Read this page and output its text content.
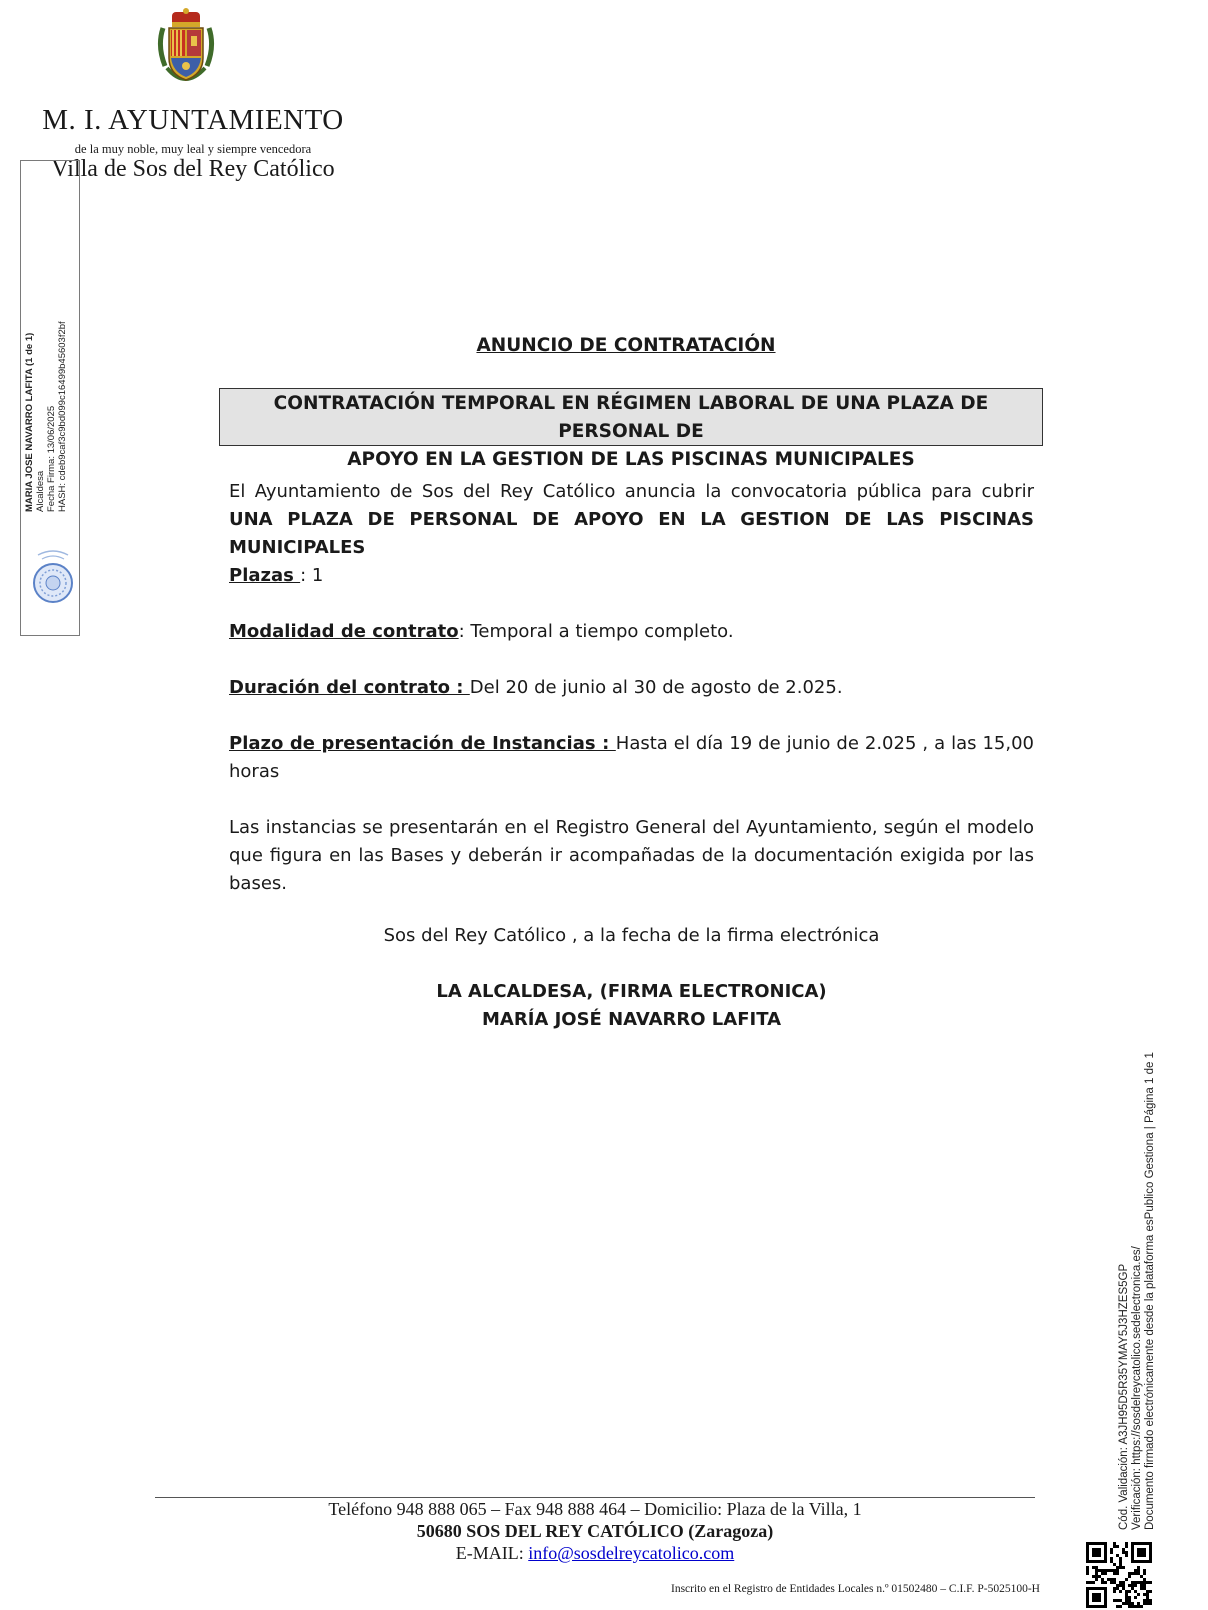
M. I. AYUNTAMIENTO
de la muy noble, muy leal y siempre vencedora
Villa de Sos del Rey Católico
MARIA JOSE NAVARRO LAFITA (1 de 1) Alcaldesa Fecha Firma: 13/06/2025 HASH: cdeb9caf3c9bd099c16499b45603f2bf	ANUNCIO DE CONTRATACIÓN
CONTRATACIÓN TEMPORAL EN RÉGIMEN LABORAL DE UNA PLAZA DE PERSONAL DE
APOYO EN LA GESTION DE LAS PISCINAS MUNICIPALES
El Ayuntamiento de Sos del Rey Católico anuncia la convocatoria pública para cubrir
UNA PLAZA DE PERSONAL DE APOYO EN LA GESTION DE LAS PISCINAS MUNICIPALES
Plazas : 1
Modalidad de contrato: Temporal a tiempo completo.
Duración del contrato : Del 20 de junio al 30 de agosto de 2.025.
Plazo de presentación de Instancias : Hasta el día 19 de junio de 2.025 , a las 15,00 horas
Las instancias se presentarán en el Registro General del Ayuntamiento, según el modelo que figura en las Bases y deberán ir acompañadas de la documentación exigida por las bases.
Sos del Rey Católico , a la fecha de la firma electrónica
LA ALCALDESA, (FIRMA ELECTRONICA)
MARÍA JOSÉ NAVARRO LAFITA
Teléfono 948 888 065 – Fax 948 888 464 – Domicilio: Plaza de la Villa, 1
50680 SOS DEL REY CATÓLICO (Zaragoza)
E-MAIL: info@sosdelreycatolico.com
Inscrito en el Registro de Entidades Locales n.º 01502480 – C.I.F. P-5025100-H
Cód. Validación: A3JH95D5R35YMAY5J3HZES5GP Verificación: https://sosdelreycatolico.sedelectronica.es/ Documento firmado electrónicamente desde la plataforma esPublico Gestiona | Página 1 de 1
